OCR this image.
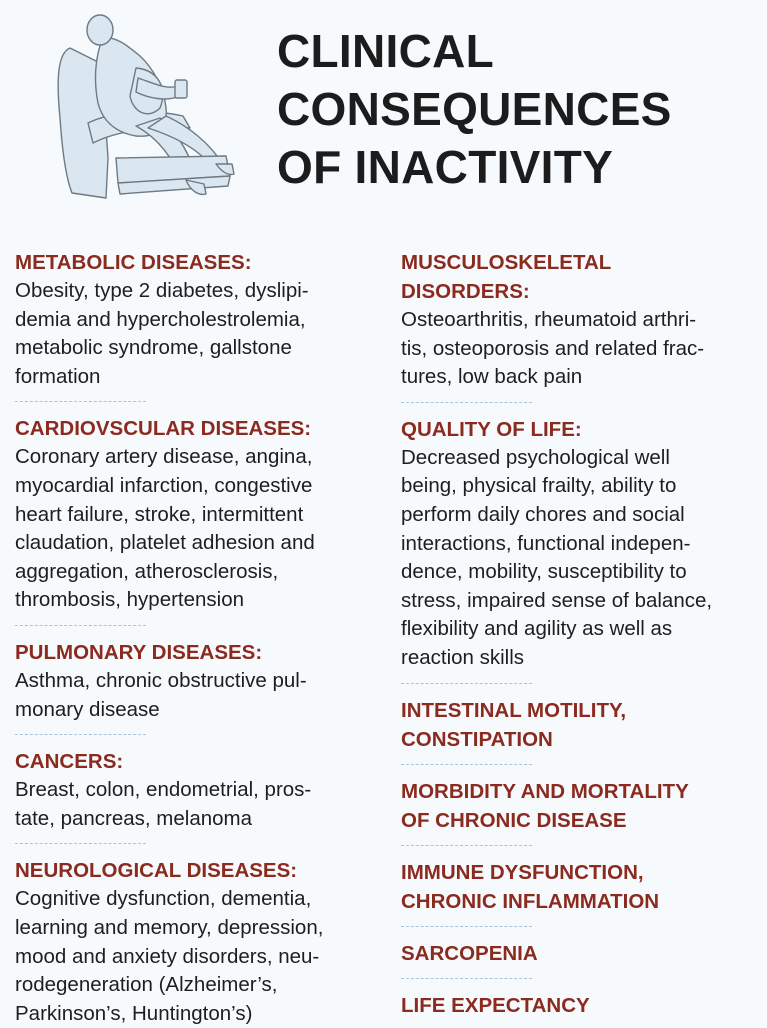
CLINICAL
CONSEQUENCES
OF INACTIVITY

METABOLIC DISEASES:

Obesity, type 2 diabetes, dyslipi-
demia and hypercholestrolemia,
metabolic syndrome, gallstone
formation

CARDIOVSCULAR DISEASES:

Coronary artery disease, angina,
myocardial infarction, congestive
heart failure, stroke, intermittent
claudation, platelet adhesion and
aggregation, atherosclerosis,
thrombosis, hypertension

PULMONARY DISEASES:

Asthma, chronic obstructive pul-
monary disease

CANCERS:

Breast, colon, endometrial, pros-
tate, pancreas, melanoma

NEUROLOGICAL DISEASES:

Cognitive dysfunction, dementia,
learning and memory, depression,
mood and anxiety disorders, neu-
rodegeneration (Alzheimer’s,
Parkinson’s, Huntington’s)

MUSCULOSKELETAL
DISORDERS:

Osteoarthritis, rheumatoid arthri-
tis, osteoporosis and related frac-
tures, low back pain

QUALITY OF LIFE:

Decreased psychological well
being, physical frailty, ability to
perform daily chores and social
interactions, functional indepen-
dence, mobility, susceptibility to
stress, impaired sense of balance,
flexibility and agility as well as
reaction skills

INTESTINAL MOTILITY,
CONSTIPATION

MORBIDITY AND MORTALITY
OF CHRONIC DISEASE

IMMUNE DYSFUNCTION,
CHRONIC INFLAMMATION

SARCOPENIA

LIFE EXPECTANCY
